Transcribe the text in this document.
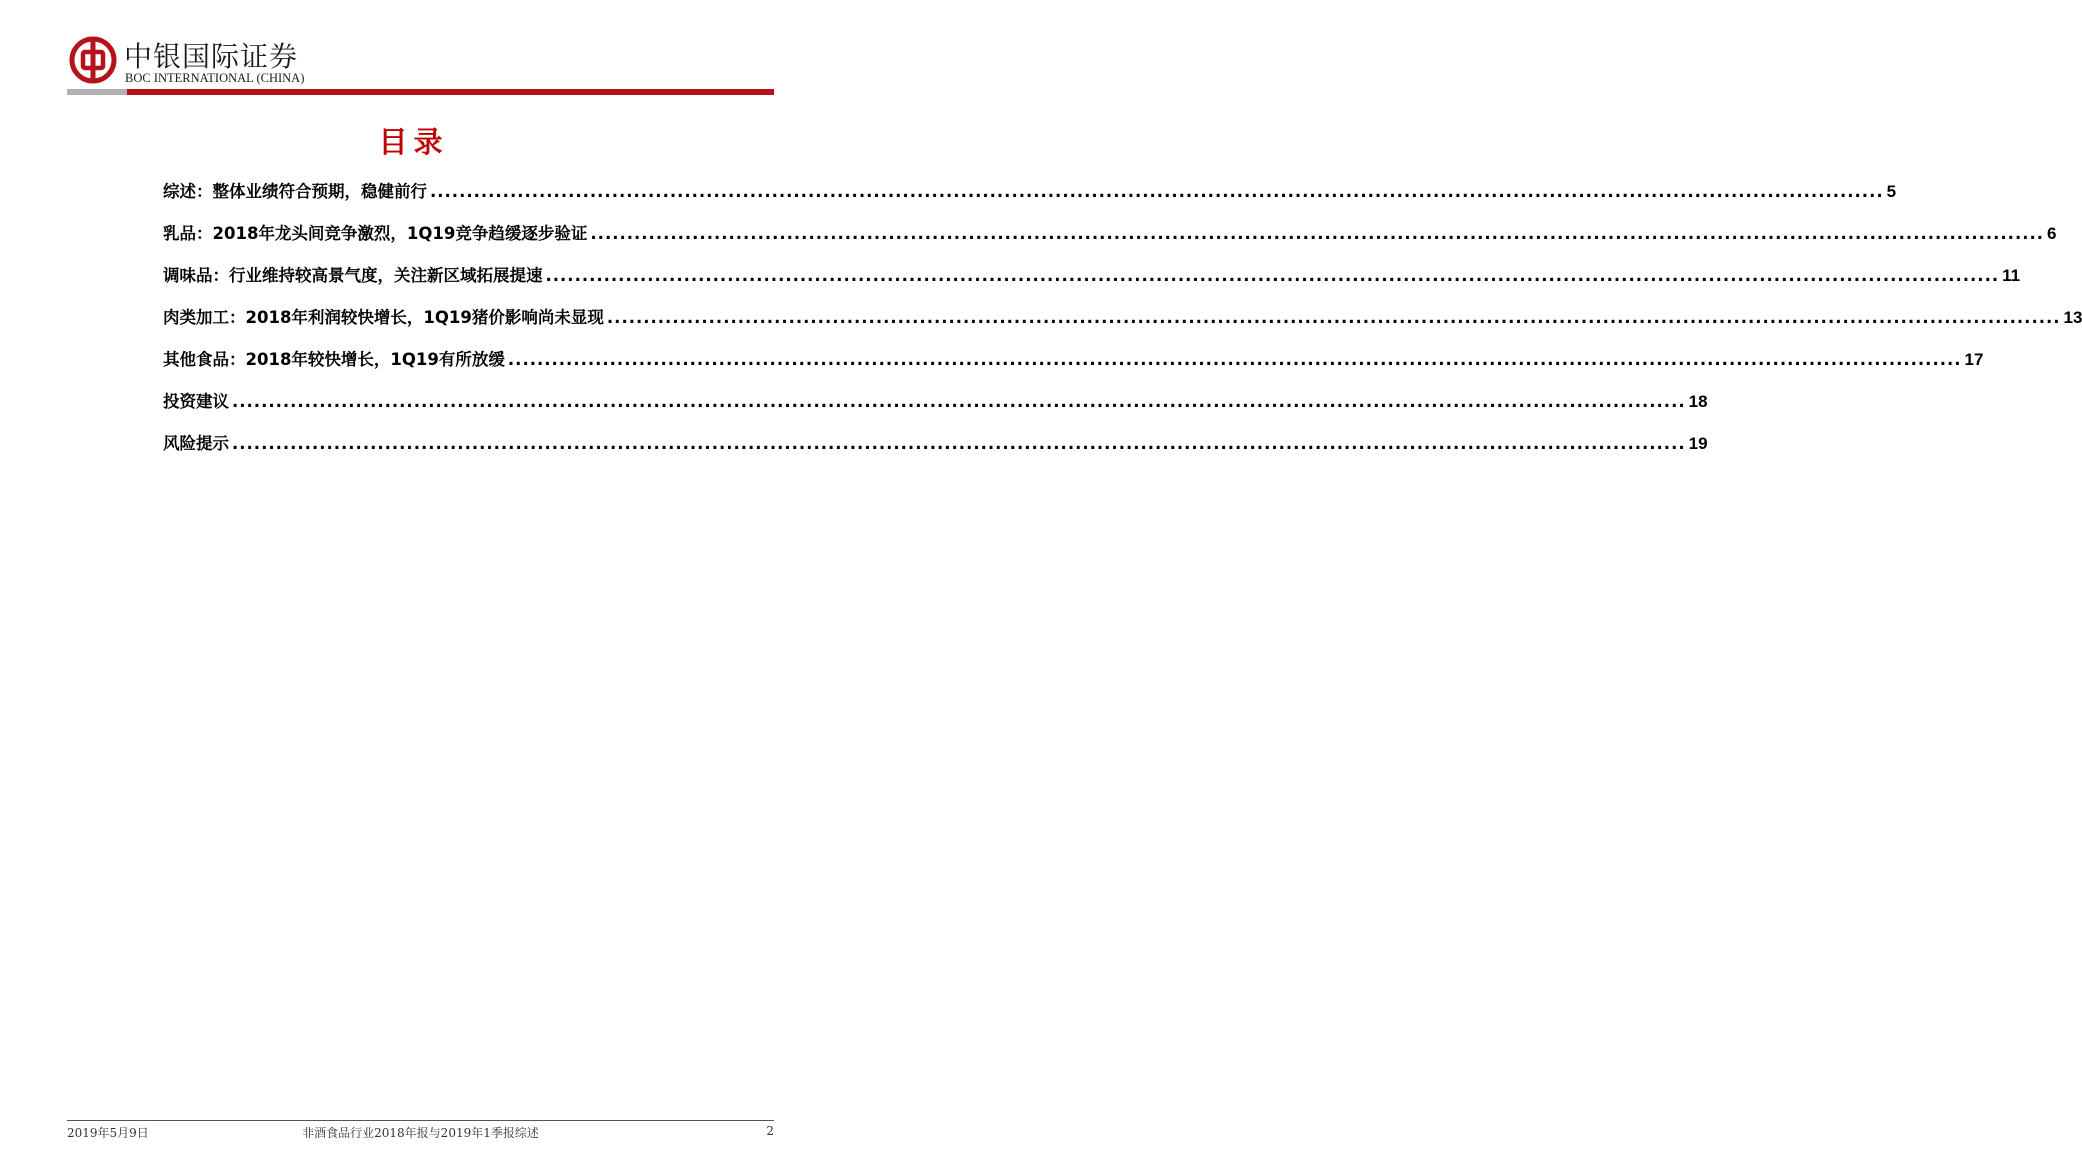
中银国际证券
BOC INTERNATIONAL (CHINA)
目录
综述：整体业绩符合预期，稳健前行 ........................................................................................................................................................................................................ 5
乳品：2018年龙头间竞争激烈，1Q19竞争趋缓逐步验证 ........................................................................................................................................................................................................ 6
调味品：行业维持较高景气度，关注新区域拓展提速 ........................................................................................................................................................................................................ 11
肉类加工：2018年利润较快增长，1Q19猪价影响尚未显现 ........................................................................................................................................................................................................ 13
其他食品：2018年较快增长，1Q19有所放缓 ........................................................................................................................................................................................................ 17
投资建议 ........................................................................................................................................................................................................ 18
风险提示 ........................................................................................................................................................................................................ 19
2019年5月9日	非酒食品行业2018年报与2019年1季报综述	2
